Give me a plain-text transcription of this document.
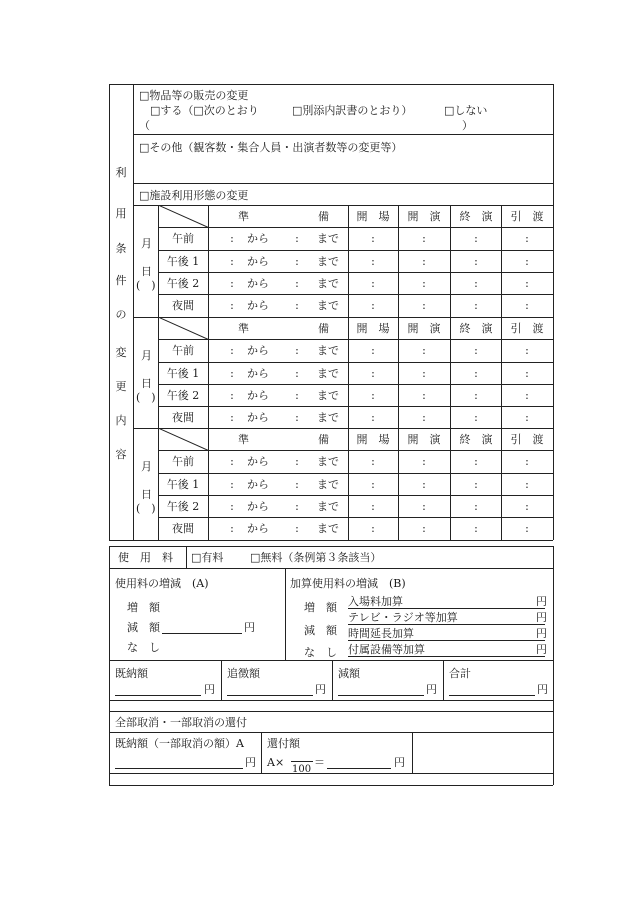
利
用
条
件
の
変
更
内
容
□物品等の販売の変更
□する（□次のとおり	□別添内訳書のとおり）	□しない
（	）
□その他（観客数・集合人員・出演者数等の変更等）
□施設利用形態の変更
準	備	開　場	開　演	終　演	引　渡
月
日
(　)
午前	:	から	:	まで	:	:	:	:
午後 1	:	から	:	まで	:	:	:	:
午後 2	:	から	:	まで	:	:	:	:
夜間	:	から	:	まで	:	:	:	:
準	備	開　場	開　演	終　演	引　渡
月
日
(　)
午前	:	から	:	まで	:	:	:	:
午後 1	:	から	:	まで	:	:	:	:
午後 2	:	から	:	まで	:	:	:	:
夜間	:	から	:	まで	:	:	:	:
準	備	開　場	開　演	終　演	引　渡
月
日
(　)
午前	:	から	:	まで	:	:	:	:
午後 1	:	から	:	まで	:	:	:	:
午後 2	:	から	:	まで	:	:	:	:
夜間	:	から	:	まで	:	:	:	:
使　用　料 □有料 □無料（条例第３条該当）
使用料の増減　(A)
増　額
減　額	円
な　し
加算使用料の増減　(B)
増　額
減　額
な　し
入場料加算	円
テレビ・ラジオ等加算	円
時間延長加算	円
付属設備等加算	円
既納額
円
追徴額
円
減額
円
合計
円
全部取消・一部取消の還付
既納額（一部取消の額）A
円
還付額
A×
100
＝	円
